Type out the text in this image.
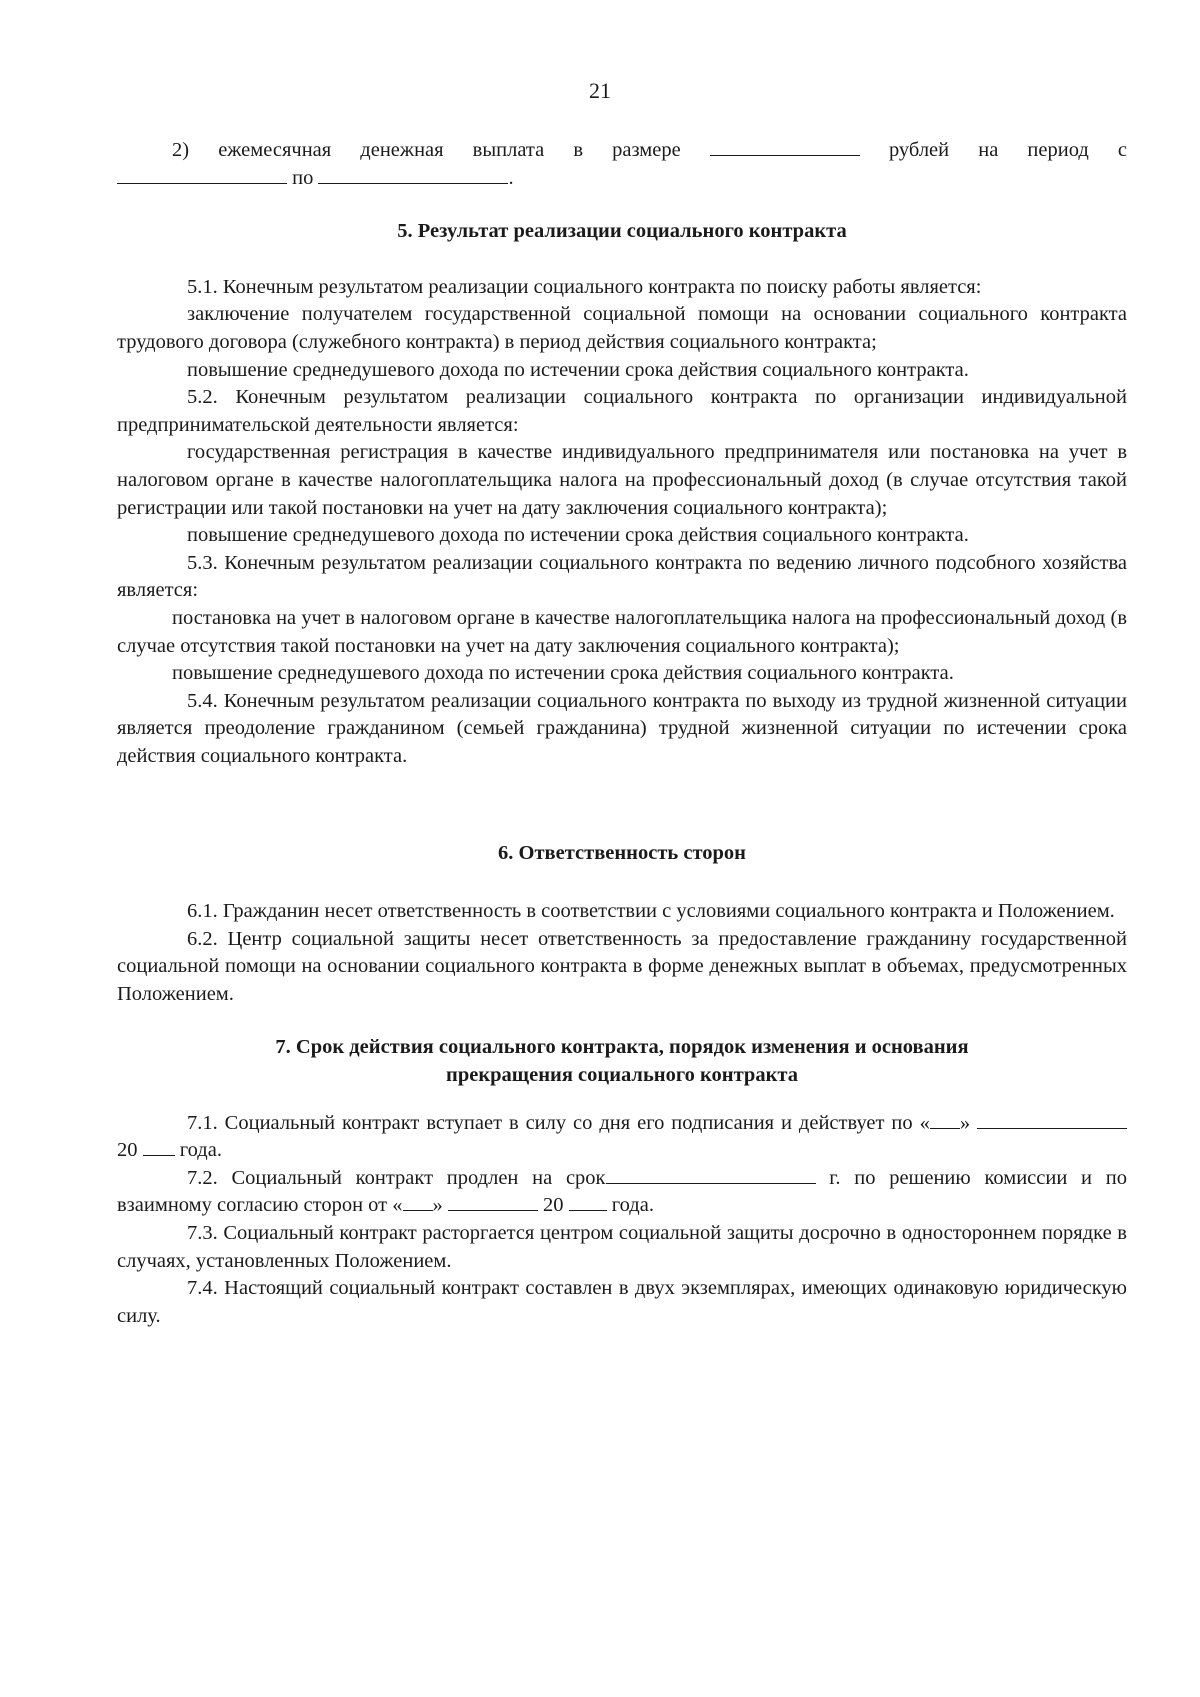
21

2) ежемесячная денежная выплата в размере	рублей на период с

по	.

5. Результат реализации социального контракта

5.1. Конечным результатом реализации социального контракта по поиску работы является:

заключение получателем государственной социальной помощи на основании социального контракта трудового договора (служебного контракта) в период действия социального контракта;

повышение среднедушевого дохода по истечении срока действия социального контракта.

5.2. Конечным результатом реализации социального контракта по организации индивидуальной предпринимательской деятельности является:

государственная регистрация в качестве индивидуального предпринимателя или постановка на учет в налоговом органе в качестве налогоплательщика налога на профессиональный доход (в случае отсутствия такой регистрации или такой постановки на учет на дату заключения социального контракта);

повышение среднедушевого дохода по истечении срока действия социального контракта.

5.3. Конечным результатом реализации социального контракта по ведению личного подсобного хозяйства является:

постановка на учет в налоговом органе в качестве налогоплательщика налога на профессиональный доход (в случае отсутствия такой постановки на учет на дату заключения социального контракта);

повышение среднедушевого дохода по истечении срока действия социального контракта.

5.4. Конечным результатом реализации социального контракта по выходу из трудной жизненной ситуации является преодоление гражданином (семьей гражданина) трудной жизненной ситуации по истечении срока действия социального контракта.

6. Ответственность сторон

6.1. Гражданин несет ответственность в соответствии с условиями социального контракта и Положением.

6.2. Центр социальной защиты несет ответственность за предоставление гражданину государственной социальной помощи на основании социального контракта в форме денежных выплат в объемах, предусмотренных Положением.

7. Срок действия социального контракта, порядок изменения и основания

прекращения социального контракта

7.1. Социальный контракт вступает в силу со дня его подписания и действует по « »  20 года.

7.2. Социальный контракт продлен на срок	г. по решению комиссии и по взаимному согласию сторон от « »	20 года.

7.3. Социальный контракт расторгается центром социальной защиты досрочно в одностороннем порядке в случаях, установленных Положением.

7.4. Настоящий социальный контракт составлен в двух экземплярах, имеющих одинаковую юридическую силу.
